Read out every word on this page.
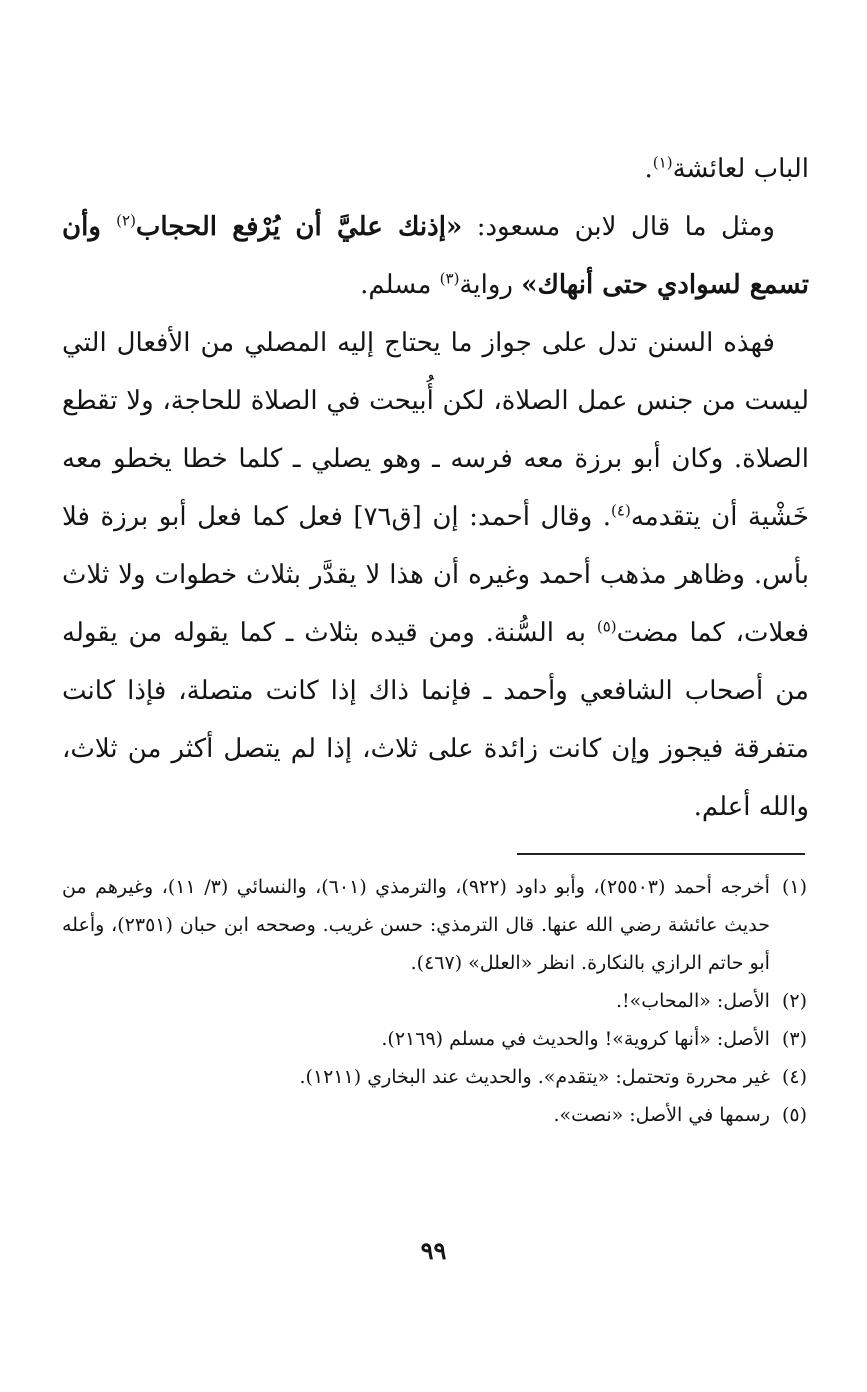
الباب لعائشة$^{(١)}$.

ومثل ما قال لابن مسعود: «إذنك عليَّ أن يُرْفع الحجاب$^{(٢)}$ وأن تسمع لسوادي حتى أنهاك» رواية$^{(٣)}$ مسلم.

فهذه السنن تدل على جواز ما يحتاج إليه المصلي من الأفعال التي ليست من جنس عمل الصلاة، لكن أُبيحت في الصلاة للحاجة، ولا تقطع الصلاة. وكان أبو برزة معه فرسه ـ وهو يصلي ـ كلما خطا يخطو معه خَشْية أن يتقدمه$^{(٤)}$. وقال أحمد: إن [ق٧٦] فعل كما فعل أبو برزة فلا بأس. وظاهر مذهب أحمد وغيره أن هذا لا يقدَّر بثلاث خطوات ولا ثلاث فعلات، كما مضت$^{(٥)}$ به السُّنة. ومن قيده بثلاث ـ كما يقوله من يقوله من أصحاب الشافعي وأحمد ـ فإنما ذاك إذا كانت متصلة، فإذا كانت متفرقة فيجوز وإن كانت زائدة على ثلاث، إذا لم يتصل أكثر من ثلاث، والله أعلم.

(١)
أخرجه أحمد (٢٥٥٠٣)، وأبو داود (٩٢٢)، والترمذي (٦٠١)، والنسائي (٣/ ١١)، وغيرهم من حديث عائشة رضي الله عنها. قال الترمذي: حسن غريب. وصححه ابن حبان (٢٣٥١)، وأعله أبو حاتم الرازي بالنكارة. انظر «العلل» (٤٦٧).
(٢)
الأصل: «المحاب»!.
(٣)
الأصل: «أنها كروية»! والحديث في مسلم (٢١٦٩).
(٤)
غير محررة وتحتمل: «يتقدم». والحديث عند البخاري (١٢١١).
(٥)
رسمها في الأصل: «نصت».
٩٩
